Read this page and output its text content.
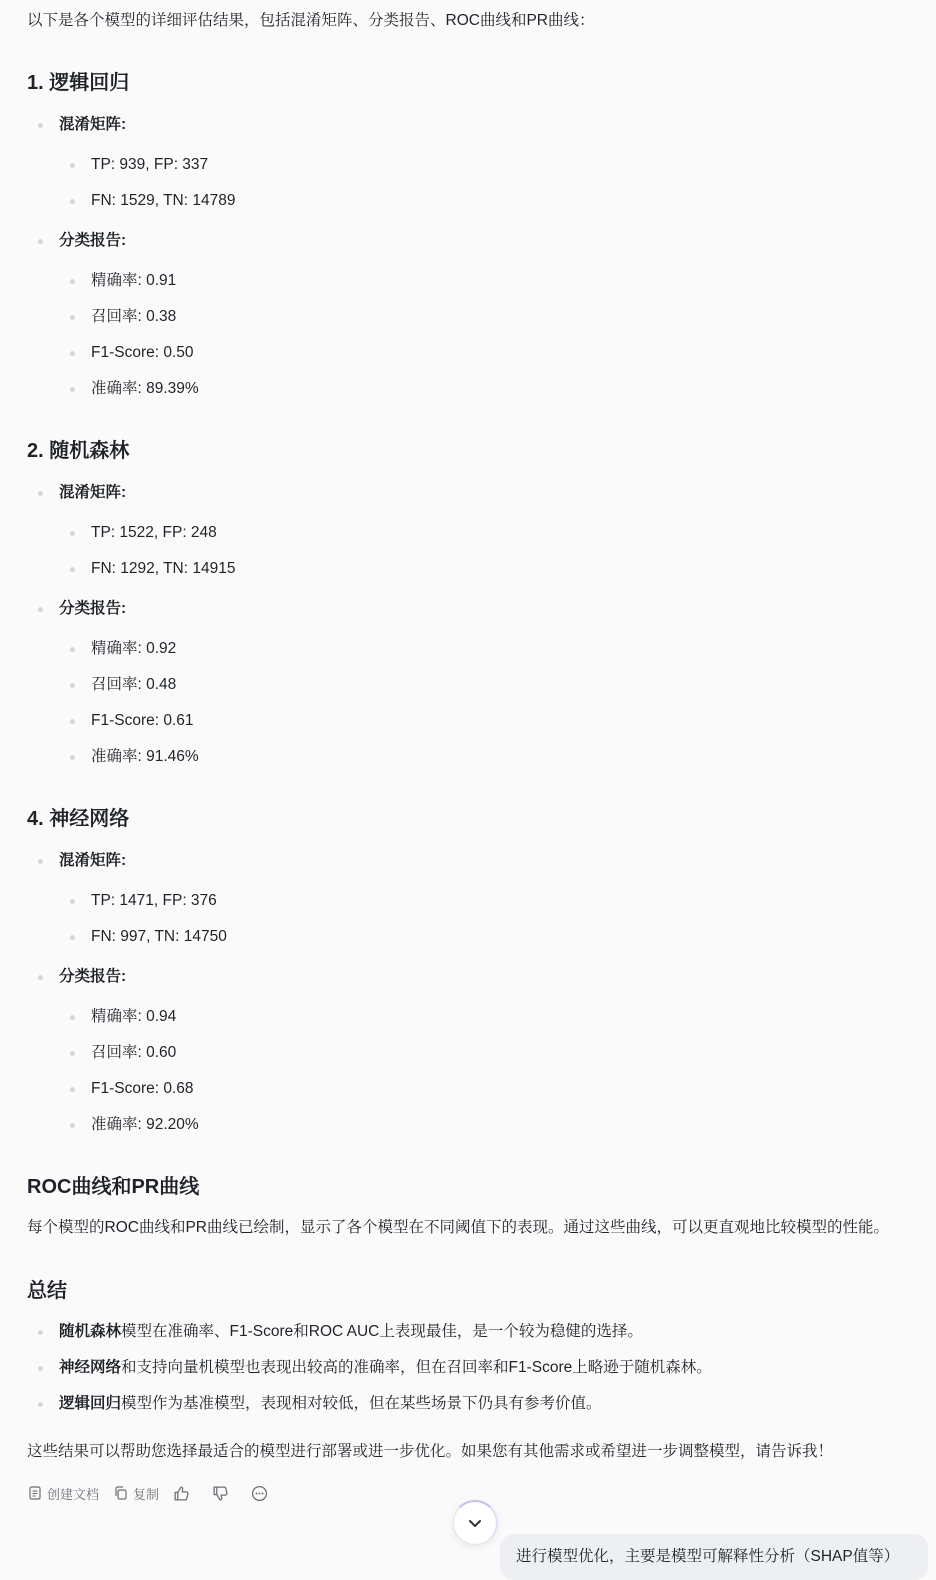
以下是各个模型的详细评估结果，包括混淆矩阵、分类报告、ROC曲线和PR曲线：
1. 逻辑回归
混淆矩阵:
TP: 939, FP: 337
FN: 1529, TN: 14789
分类报告:
精确率: 0.91
召回率: 0.38
F1-Score: 0.50
准确率: 89.39%
2. 随机森林
混淆矩阵:
TP: 1522, FP: 248
FN: 1292, TN: 14915
分类报告:
精确率: 0.92
召回率: 0.48
F1-Score: 0.61
准确率: 91.46%
4. 神经网络
混淆矩阵:
TP: 1471, FP: 376
FN: 997, TN: 14750
分类报告:
精确率: 0.94
召回率: 0.60
F1-Score: 0.68
准确率: 92.20%
ROC曲线和PR曲线
每个模型的ROC曲线和PR曲线已绘制，显示了各个模型在不同阈值下的表现。通过这些曲线，可以更直观地比较模型的性能。
总结
随机森林模型在准确率、F1-Score和ROC AUC上表现最佳，是一个较为稳健的选择。
神经网络和支持向量机模型也表现出较高的准确率，但在召回率和F1-Score上略逊于随机森林。
逻辑回归模型作为基准模型，表现相对较低，但在某些场景下仍具有参考价值。
这些结果可以帮助您选择最适合的模型进行部署或进一步优化。如果您有其他需求或希望进一步调整模型，请告诉我！
创建文档	复制
进行模型优化，主要是模型可解释性分析（SHAP值等）
